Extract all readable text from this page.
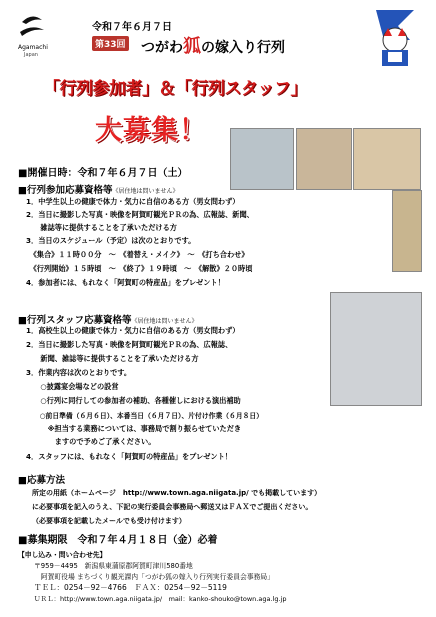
Agamachi
Japan
令和７年６月７日
第33回 つがわ狐の嫁入り行列
「行列参加者」＆「行列スタッフ」
大募集！
■開催日時：令和７年６月７日（土）
■行列参加応募資格等《居住地は問いません》
1．中学生以上の健康で体力・気力に自信のある方（男女問わず）
2．当日に撮影した写真・映像を阿賀町観光ＰＲの為、広報誌、新聞、
　　雑誌等に提供することを了承いただける方
3．当日のスケジュール（予定）は次のとおりです。
　《集合》１１時００分　～　《着替え・メイク》　～　《打ち合わせ》
　《行列開始》１５時頃　～　《終了》１９時頃　～　《解散》２０時頃
4．参加者には、もれなく「阿賀町の特産品」をプレゼント！
■行列スタッフ応募資格等《居住地は問いません》
1．高校生以上の健康で体力・気力に自信のある方（男女問わず）
2．当日に撮影した写真・映像を阿賀町観光ＰＲの為、広報誌、
　　新聞、雑誌等に提供することを了承いただける方
3．作業内容は次のとおりです。
　　○披露宴会場などの設営
　　○行列に同行しての参加者の補助、各種催しにおける演出補助
　　○前日準備（６月６日）、本番当日（６月７日）、片付け作業（６月８日）
　　　※担当する業務については、事務局で割り振らせていただき
　　　　ますので予めご了承ください。
4．スタッフには、もれなく「阿賀町の特産品」をプレゼント！
■応募方法
所定の用紙（ホームページ　http://www.town.aga.niigata.jp/ でも掲載しています）
に必要事項を記入のうえ、下記の実行委員会事務局へ郵送又はＦＡＸでご提出ください。
（必要事項を記載したメールでも受け付けます）
■募集期限　令和７年４月１８日（金）必着
【申し込み・問い合わせ先】
〒959－4495　新潟県東蒲原郡阿賀町津川580番地
　阿賀町役場 まちづくり観光課内「つがわ狐の嫁入り行列実行委員会事務局」
ＴＥＬ：0254－92－4766　ＦＡＸ：0254－92－5119
ＵＲＬ：http://www.town.aga.niigata.jp/　mail：kanko-shouko@town.aga.lg.jp
